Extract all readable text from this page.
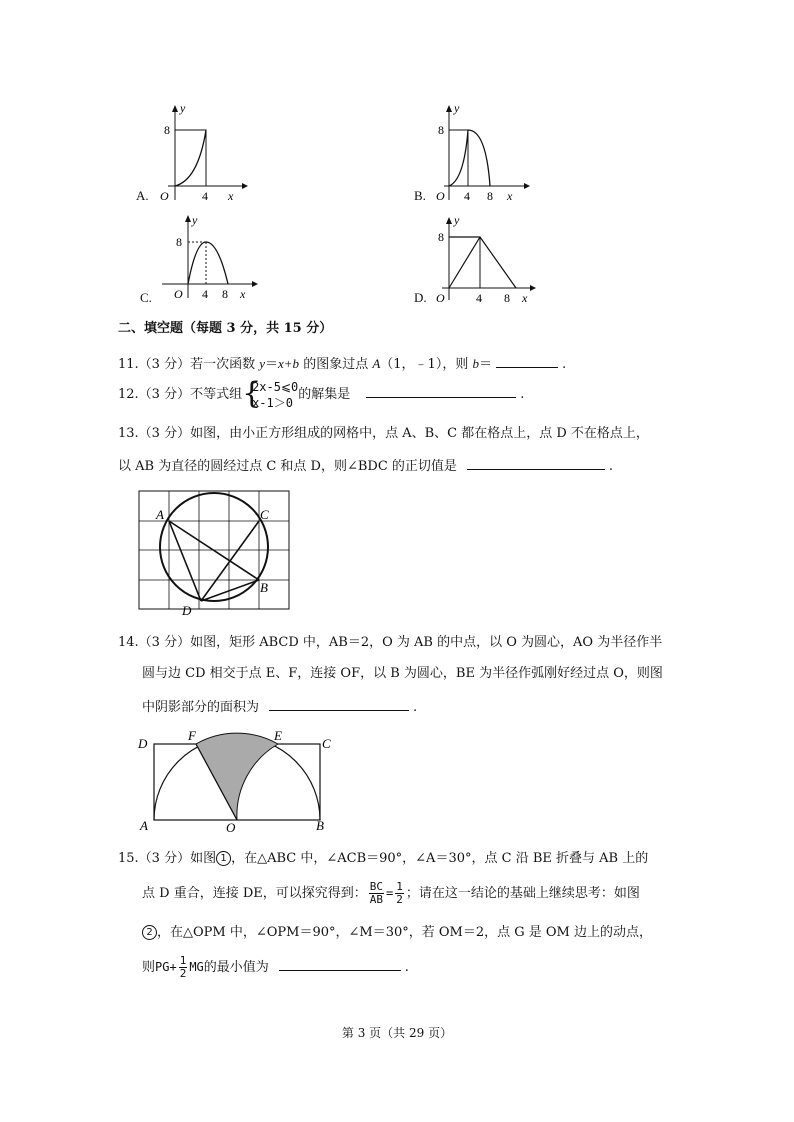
A.
y
8
O	4 x	B.
y
8
O 4 8 x
C.
y
8
O 4 8 x	D.
y
8
O	4 8 x
二、填空题（每题 3 分，共 15 分）
11.（3 分）若一次函数 y＝x+b 的图象过点 A（1，﹣1），则 b＝	.
12.（3 分）不等式组 {
2x-5⩽0
x-1＞0
的解集是	.
13.（3 分）如图，由小正方形组成的网格中，点 A、B、C 都在格点上，点 D 不在格点上，
以 AB 为直径的圆经过点 C 和点 D，则∠BDC 的正切值是	.
A	C
B
D
14.（3 分）如图，矩形 ABCD 中，AB＝2，O 为 AB 的中点，以 O 为圆心，AO 为半径作半
圆与边 CD 相交于点 E、F，连接 OF，以 B 为圆心，BE 为半径作弧刚好经过点 O，则图
中阴影部分的面积为	.
D
F	E
C
A	O	B
15.（3 分）如图 1 ，在△ABC 中，∠ACB＝90°，∠A＝30°，点 C 沿 BE 折叠与 AB 上的
点 D 重合，连接 DE，可以探究得到： $\frac{BC}{AB} = \frac{1}{2}$ ；请在这一结论的基础上继续思考：如图
2 ，在△OPM 中，∠OPM＝90°，∠M＝30°，若 OM＝2，点 G 是 OM 边上的动点，
则$PG+ \frac{1}{2}$ MG的最小值为	.
第 3 页（共 29 页）
